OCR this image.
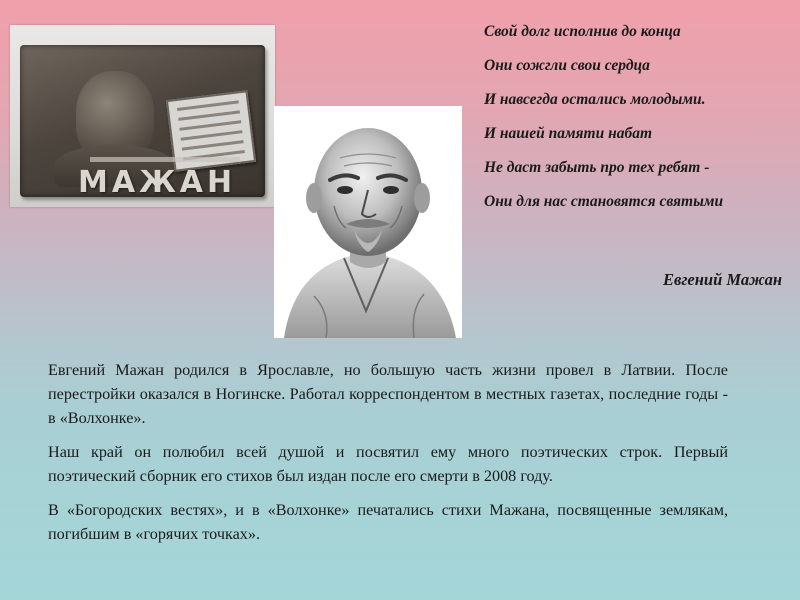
МАЖАН

Свой долг исполнив до конца

Они сожгли свои сердца

И навсегда остались молодыми.

И нашей памяти набат

Не даст забыть про тех ребят -

Они для нас становятся святыми

Евгений Мажан

Евгений Мажан родился в Ярославле, но большую часть жизни провел в Латвии. После перестройки оказался в Ногинске. Работал корреспондентом в местных газетах, последние годы - в «Волхонке».

Наш край он полюбил всей душой и посвятил ему много поэтических строк. Первый поэтический сборник его стихов был издан после его смерти в 2008 году.

В «Богородских вестях», и в «Волхонке» печатались стихи Мажана, посвященные землякам, погибшим в «горячих точках».
